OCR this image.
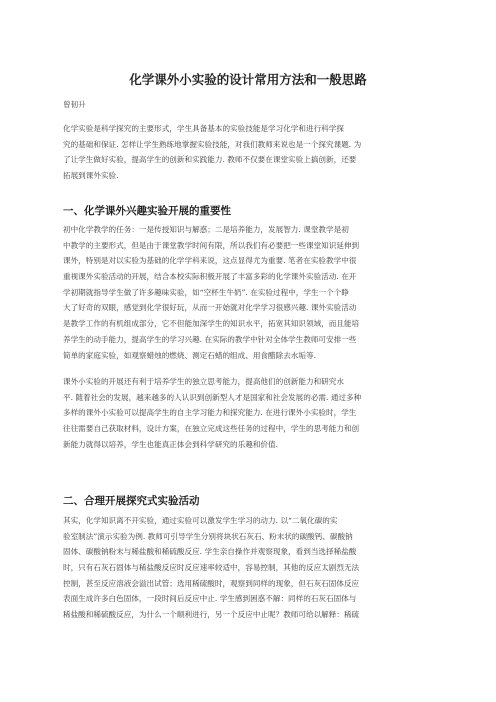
化学课外小实验的设计常用方法和一般思路
曾韧升
化学实验是科学探究的主要形式，学生具备基本的实验技能是学习化学和进行科学探
究的基础和保证. 怎样让学生熟练地掌握实验技能，对我们教师来说也是一个探究课题. 为
了让学生做好实验，提高学生的创新和实践能力. 教师不仅要在课堂实验上搞创新，还要
拓展到课外实验.
一、化学课外兴趣实验开展的重要性
初中化学教学的任务：一是传授知识与解惑；二是培养能力，发展智力. 课堂教学是初
中教学的主要形式，但是由于课堂教学时间有限，所以我们有必要把一些课堂知识延伸到
课外，特别是对以实验为基础的化学学科来说，这点显得尤为重要. 笔者在实验教学中很
重视课外实验活动的开展，结合本校实际积极开展了丰富多彩的化学课外实验活动. 在开
学初期就指导学生做了许多趣味实验，如“空杯生牛奶”. 在实验过程中，学生一个个睁
大了好奇的双眼，感觉到化学很好玩，从而一开始就对化学学习很感兴趣. 课外实验活动
是教学工作的有机组成部分，它不但能加深学生的知识水平，拓宽其知识领域，而且能培
养学生的动手能力，提高学生的学习兴趣. 在实际的教学中针对全体学生教师可安排一些
简单的家庭实验，如观察蜡烛的燃烧、测定石蜡的组成、用食醋除去水垢等.
课外小实验的开展还有利于培养学生的独立思考能力，提高他们的创新能力和研究水
平. 随着社会的发展，越来越多的人认识到创新型人才是国家和社会发展的必需. 通过多种
多样的课外小实验可以提高学生的自主学习能力和探究能力. 在进行课外小实验时，学生
往往需要自己获取材料，设计方案，在独立完成这些任务的过程中，学生的思考能力和创
新能力就得以培养，学生也能真正体会到科学研究的乐趣和价值.
二、合理开展探究式实验活动
其实，化学知识离不开实验，通过实验可以激发学生学习的动力. 以“二氧化碳的实
验室制法”演示实验为例. 教师可引导学生分别将块状石灰石、粉末状的碳酸钙、碳酸钠
固体、碳酸钠粉末与稀盐酸和稀硫酸反应. 学生亲自操作并观察现象，看到当选择稀盐酸
时，只有石灰石固体与稀盐酸反应时反应速率较适中，容易控制，其他的反应太剧烈无法
控制，甚至反应溶液会溢出试管；选用稀硫酸时，观察到同样的现象，但石灰石固体反应
表面生成许多白色固体，一段时间后反应中止. 学生感到困惑不解：同样的石灰石固体与
稀盐酸和稀硫酸反应，为什么一个顺利进行，另一个反应中止呢？教师可给以解释：稀硫
